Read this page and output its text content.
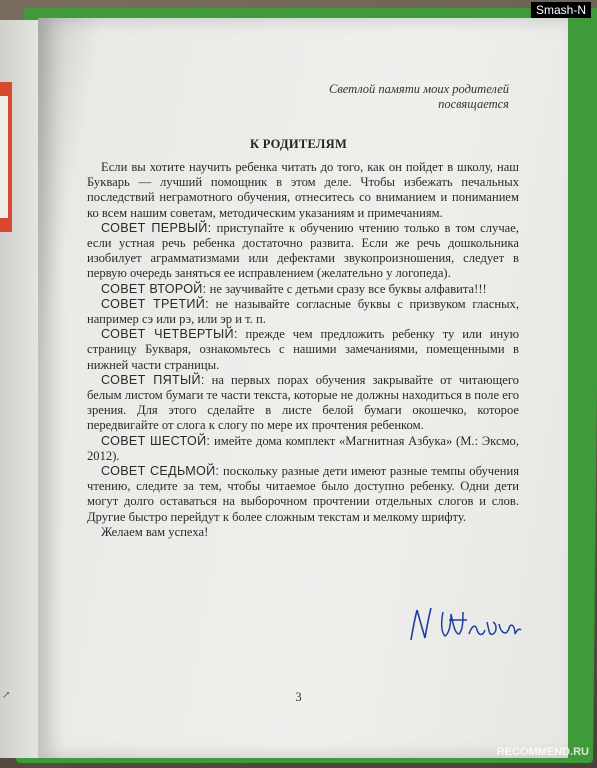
Светлой памяти моих родителей
посвящается
К РОДИТЕЛЯМ

Если вы хотите научить ребенка читать до того, как он пойдет в школу, наш Букварь — лучший помощник в этом деле. Чтобы избежать печальных последствий неграмотного обучения, отнеситесь со вниманием и пониманием ко всем нашим советам, методическим указаниям и примечаниям.

СОВЕТ ПЕРВЫЙ: приступайте к обучению чтению только в том случае, если устная речь ребенка достаточно развита. Если же речь дошкольника изобилует аграмматизмами или дефектами звукопроизношения, следует в первую очередь заняться ее исправлением (желательно у логопеда).

СОВЕТ ВТОРОЙ: не заучивайте с детьми сразу все буквы алфавита!!!

СОВЕТ ТРЕТИЙ: не называйте согласные буквы с призвуком гласных, например сэ или рэ, или эр и т. п.

СОВЕТ ЧЕТВЕРТЫЙ: прежде чем предложить ребенку ту или иную страницу Букваря, ознакомьтесь с нашими замечаниями, помещенными в нижней части страницы.

СОВЕТ ПЯТЫЙ: на первых порах обучения закрывайте от читающего белым листом бумаги те части текста, которые не должны находиться в поле его зрения. Для этого сделайте в листе белой бумаги окошечко, которое передвигайте от слога к слогу по мере их прочтения ребенком.

СОВЕТ ШЕСТОЙ: имейте дома комплект «Магнитная Азбука» (М.: Эксмо, 2012).

СОВЕТ СЕДЬМОЙ: поскольку разные дети имеют разные темпы обучения чтению, следите за тем, чтобы читаемое было доступно ребенку. Одни дети могут долго оставаться на выборочном прочтении отдельных слогов и слов. Другие быстро перейдут к более сложным текстам и мелкому шрифту.

Желаем вам успеха!

3
↗
Smash-N
RECOMMEND.RU
